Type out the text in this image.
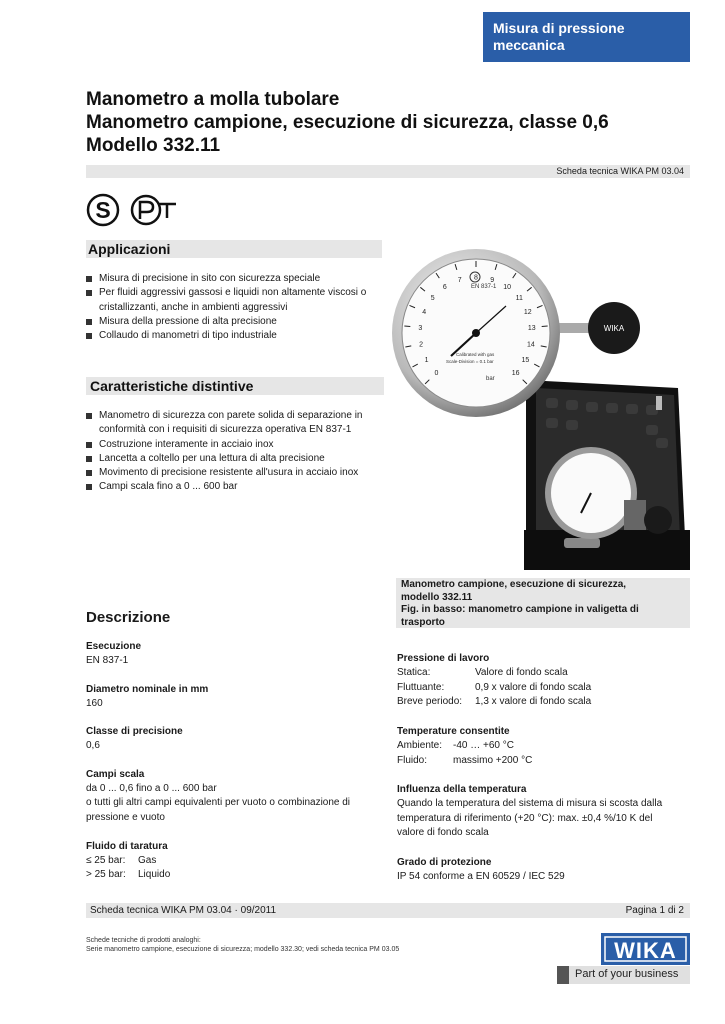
Misura di pressione
meccanica
Manometro a molla tubolare
Manometro campione, esecuzione di sicurezza, classe 0,6
Modello 332.11
Scheda tecnica WIKA PM 03.04
S
Applicazioni
Misura di precisione in sito con sicurezza speciale
Per fluidi aggressivi gassosi e liquidi non altamente viscosi o cristallizzanti, anche in ambienti aggressivi
Misura della pressione di alta precisione
Collaudo di manometri di tipo industriale
Caratteristiche distintive
Manometro di sicurezza con parete solida di separazione in conformità con i requisiti di sicurezza operativa EN 837-1
Costruzione interamente in acciaio inox
Lancetta a coltello per una lettura di alta precisione
Movimento di precisione resistente all'usura in acciaio inox
Campi scala fino a 0 ... 600 bar
WIKA
0
1
2
3
4
5
6
7 8 9
10
11
12
13
14
15
16
EN 837-1
bar
Scale-Division = 0.1 bar
Calibrated with gas
Manometro campione, esecuzione di sicurezza,
modello 332.11
Fig. in basso: manometro campione in valigetta di
trasporto
Descrizione
Esecuzione
EN 837-1
Diametro nominale in mm
160
Classe di precisione
0,6
Campi scala
da 0 ... 0,6 fino a 0 ... 600 bar
o tutti gli altri campi equivalenti per vuoto o combinazione di
pressione e vuoto
Fluido di taratura
≤ 25 bar:	Gas
> 25 bar:	Liquido
Pressione di lavoro
Statica:	Valore di fondo scala
Fluttuante:	0,9 x valore di fondo scala
Breve periodo:	1,3 x valore di fondo scala
Temperature consentite
Ambiente:	-40 … +60 °C
Fluido:	massimo +200 °C
Influenza della temperatura
Quando la temperatura del sistema di misura si scosta dalla
temperatura di riferimento (+20 °C): max. ±0,4 %/10 K del
valore di fondo scala
Grado di protezione
IP 54 conforme a EN 60529 / IEC 529
Scheda tecnica WIKA PM 03.04 · 09/2011	Pagina 1 di 2
Schede tecniche di prodotti analoghi:
Serie manometro campione, esecuzione di sicurezza; modello 332.30; vedi scheda tecnica PM 03.05	WIKA
Part of your business
